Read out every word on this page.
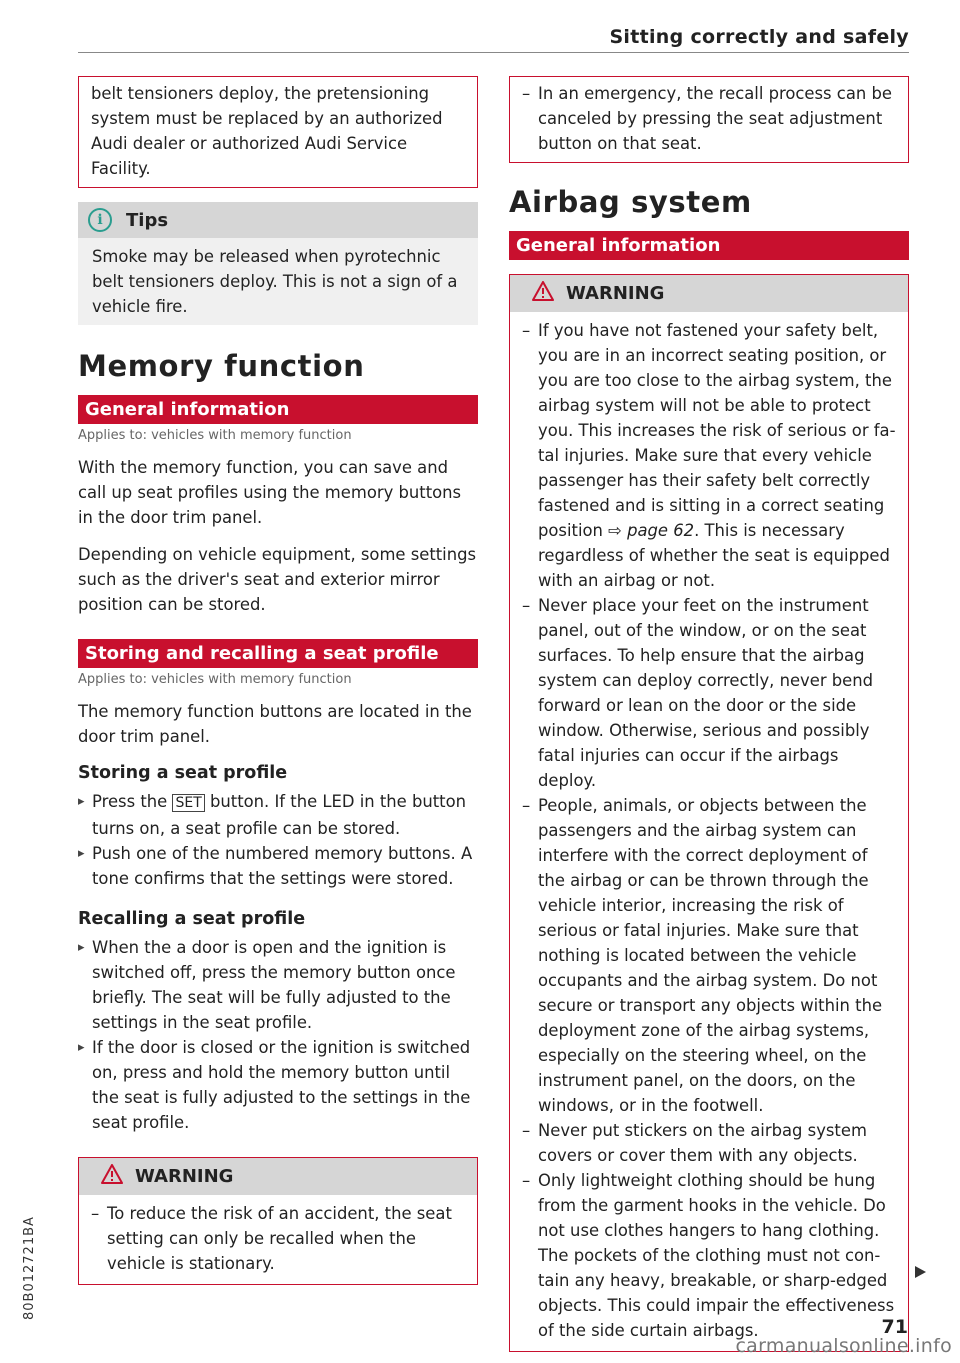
Sitting correctly and safely
belt tensioners deploy, the pretensioning system must be replaced by an authorized Audi dealer or authorized Audi Service Facility.
i	Tips
Smoke may be released when pyrotechnic belt tensioners deploy. This is not a sign of a vehicle fire.
Memory function
General information
Applies to: vehicles with memory function

With the memory function, you can save and call up seat profiles using the memory buttons in the door trim panel.

Depending on vehicle equipment, some settings such as the driver's seat and exterior mirror position can be stored.

Storing and recalling a seat profile
Applies to: vehicles with memory function

The memory function buttons are located in the door trim panel.

Storing a seat profile
▸ Press the SET button. If the LED in the button turns on, a seat profile can be stored.
▸ Push one of the numbered memory buttons. A tone confirms that the settings were stored.
Recalling a seat profile
▸ When the a door is open and the ignition is switched off, press the memory button once briefly. The seat will be fully adjusted to the settings in the seat profile.
▸ If the door is closed or the ignition is switched on, press and hold the memory button until the seat is fully adjusted to the settings in the seat profile.
WARNING
– To reduce the risk of an accident, the seat setting can only be recalled when the vehicle is stationary.
– In an emergency, the recall process can be canceled by pressing the seat adjustment button on that seat.
Airbag system
General information
WARNING
– If you have not fastened your safety belt, you are in an incorrect seating position, or you are too close to the airbag system, the airbag system will not be able to protect you. This increases the risk of serious or fatal injuries. Make sure that every vehicle passenger has their safety belt correctly fastened and is sitting in a correct seating position ⇨ page 62. This is necessary regardless of whether the seat is equipped with an airbag or not.
– Never place your feet on the instrument panel, out of the window, or on the seat surfaces. To help ensure that the airbag system can deploy correctly, never bend forward or lean on the door or the side window. Otherwise, serious and possibly fatal injuries can occur if the airbags deploy.
– People, animals, or objects between the passengers and the airbag system can interfere with the correct deployment of the airbag or can be thrown through the vehicle interior, increasing the risk of serious or fatal injuries. Make sure that nothing is located between the vehicle occupants and the airbag system. Do not secure or transport any objects within the deployment zone of the airbag systems, especially on the steering wheel, on the instrument panel, on the doors, on the windows, or in the footwell.
– Never put stickers on the airbag system covers or cover them with any objects.
– Only lightweight clothing should be hung from the garment hooks in the vehicle. Do not use clothes hangers to hang clothing. The pockets of the clothing must not contain any heavy, breakable, or sharp-edged objects. This could impair the effectiveness of the side curtain airbags.	71
80B012721BA
carmanualsonline.info
